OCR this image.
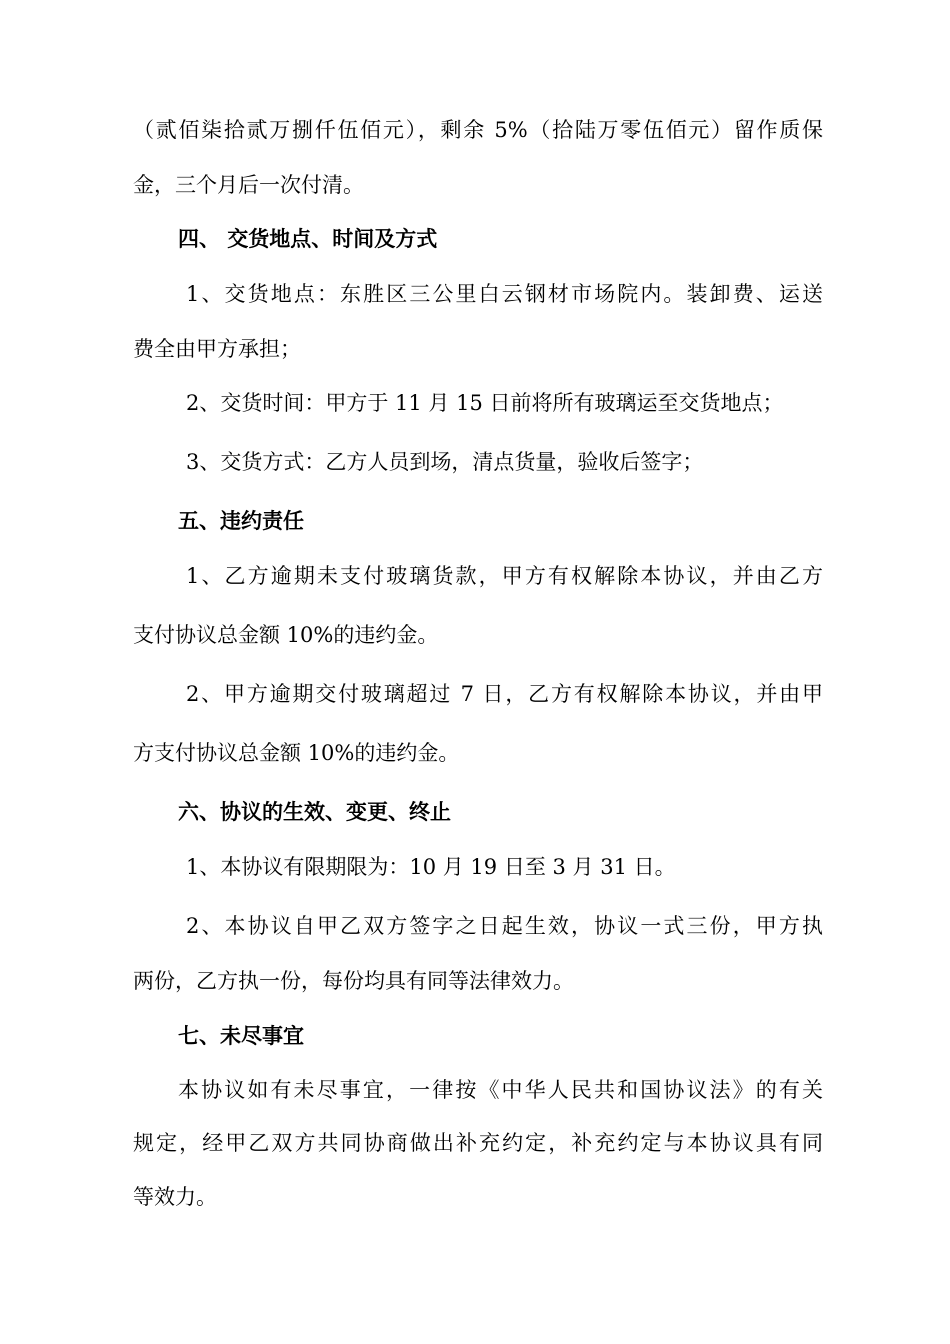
（贰佰柒拾贰万捌仟伍佰元），剩余 5%（拾陆万零伍佰元）留作质保
金，三个月后一次付清。
四、 交货地点、时间及方式
1、交货地点：东胜区三公里白云钢材市场院内。装卸费、运送
费全由甲方承担；
2、交货时间：甲方于 11 月 15 日前将所有玻璃运至交货地点；
3、交货方式：乙方人员到场，清点货量，验收后签字；
五、违约责任
1、乙方逾期未支付玻璃货款，甲方有权解除本协议，并由乙方
支付协议总金额 10%的违约金。
2、甲方逾期交付玻璃超过 7 日，乙方有权解除本协议，并由甲
方支付协议总金额 10%的违约金。
六、协议的生效、变更、终止
1、本协议有限期限为：10 月 19 日至 3 月 31 日。
2、本协议自甲乙双方签字之日起生效，协议一式三份，甲方执
两份，乙方执一份，每份均具有同等法律效力。
七、未尽事宜
本协议如有未尽事宜，一律按《中华人民共和国协议法》的有关
规定，经甲乙双方共同协商做出补充约定，补充约定与本协议具有同
等效力。
